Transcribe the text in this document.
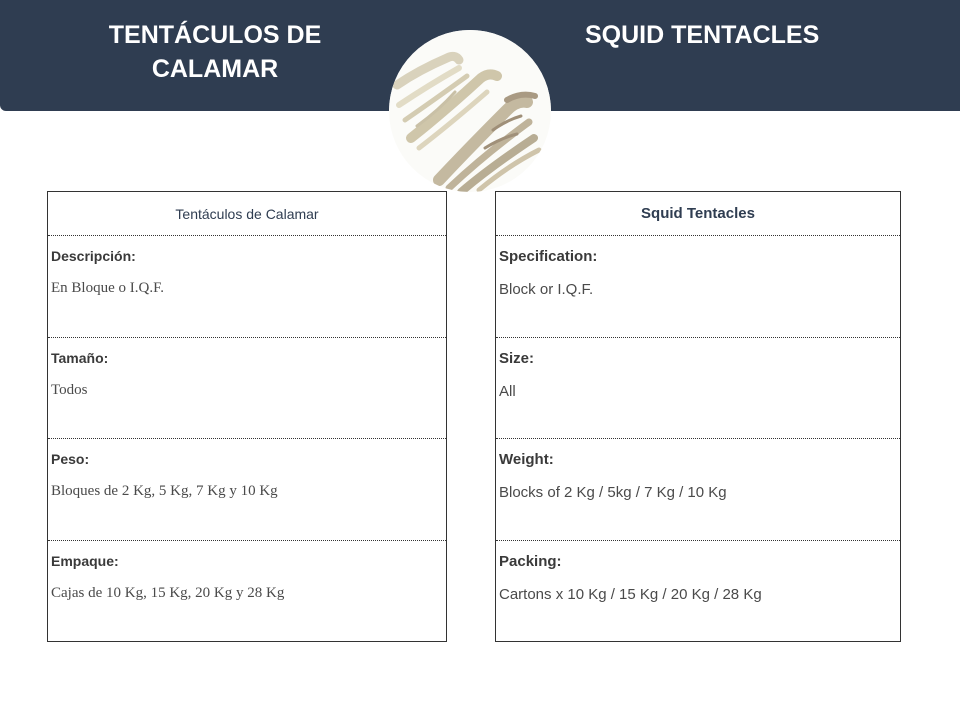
TENTÁCULOS DE CALAMAR
SQUID TENTACLES
Tentáculos de Calamar
Descripción:
En Bloque o I.Q.F.
Tamaño:
Todos
Peso:
Bloques de 2 Kg, 5 Kg, 7 Kg y 10 Kg
Empaque:
Cajas de 10 Kg, 15 Kg, 20 Kg y 28 Kg
Squid Tentacles
Specification:
Block or I.Q.F.
Size:
All
Weight:
Blocks of 2 Kg / 5kg / 7 Kg / 10 Kg
Packing:
Cartons x 10 Kg / 15 Kg / 20 Kg / 28 Kg
